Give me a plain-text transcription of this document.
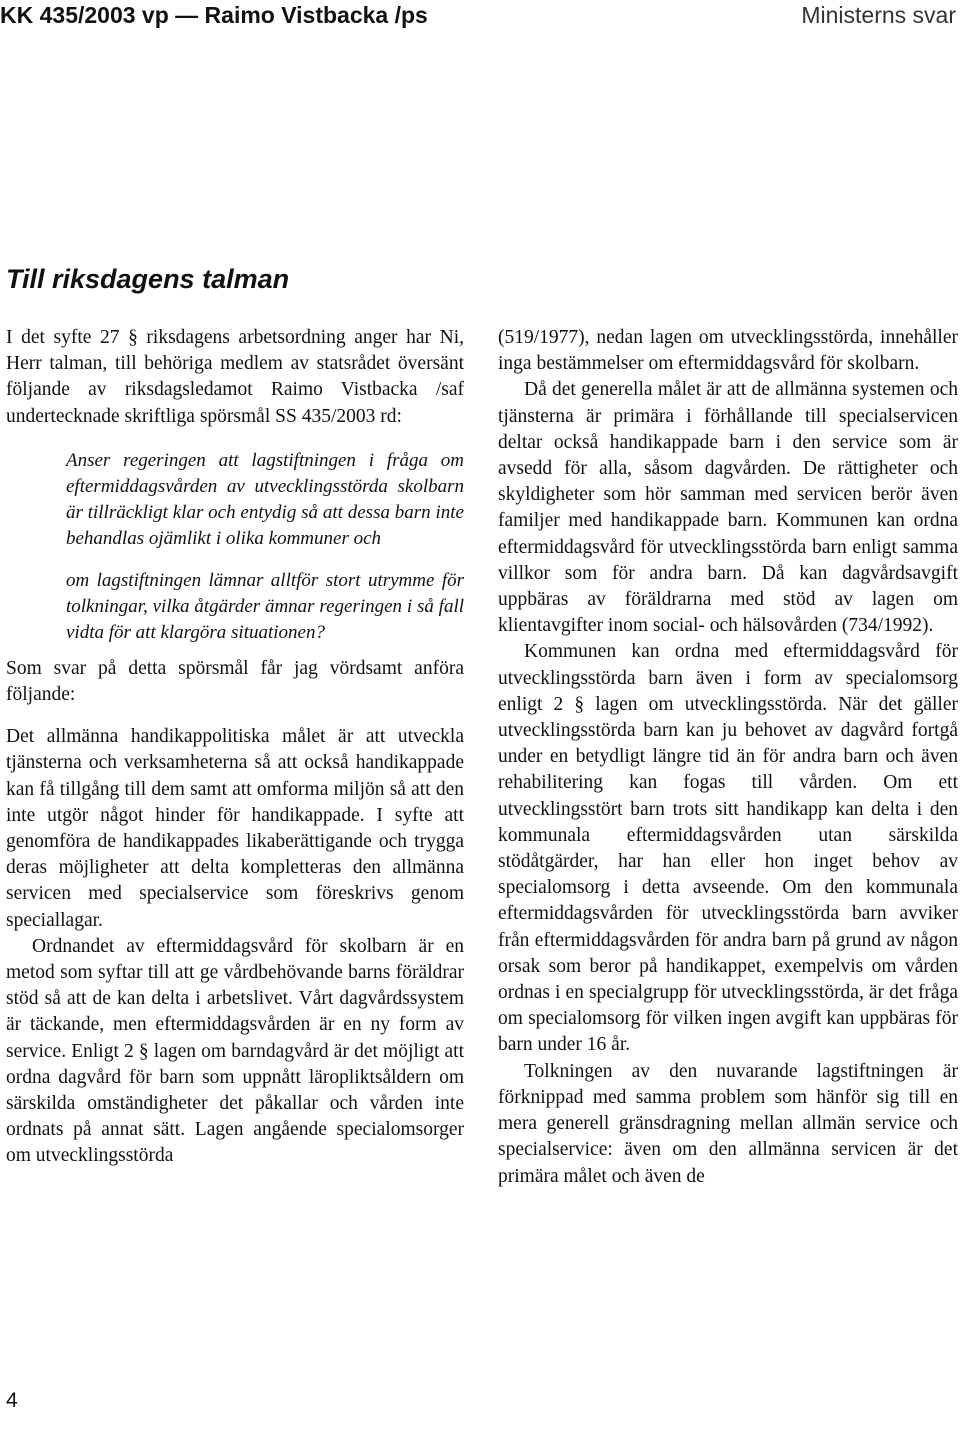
KK 435/2003 vp — Raimo Vistbacka /ps	Ministerns svar
Till riksdagens talman

I det syfte 27 § riksdagens arbetsordning anger har Ni, Herr talman, till behöriga medlem av statsrådet översänt följande av riksdagsledamot Raimo Vistbacka /saf undertecknade skriftliga spörsmål SS 435/2003 rd:

Anser regeringen att lagstiftningen i fråga om eftermiddagsvården av utvecklingsstörda skolbarn är tillräckligt klar och entydig så att dessa barn inte behandlas ojämlikt i olika kommuner och

om lagstiftningen lämnar alltför stort utrymme för tolkningar, vilka åtgärder ämnar regeringen i så fall vidta för att klargöra situationen?

Som svar på detta spörsmål får jag vördsamt anföra följande:

Det allmänna handikappolitiska målet är att utveckla tjänsterna och verksamheterna så att också handikappade kan få tillgång till dem samt att omforma miljön så att den inte utgör något hinder för handikappade. I syfte att genomföra de handikappades likaberättigande och trygga deras möjligheter att delta kompletteras den allmänna servicen med specialservice som föreskrivs genom speciallagar.

Ordnandet av eftermiddagsvård för skolbarn är en metod som syftar till att ge vårdbehövande barns föräldrar stöd så att de kan delta i arbetslivet. Vårt dagvårdssystem är täckande, men eftermiddagsvården är en ny form av service. Enligt 2 § lagen om barndagvård är det möjligt att ordna dagvård för barn som uppnått läropliktsåldern om särskilda omständigheter det påkallar och vården inte ordnats på annat sätt. Lagen angående specialomsorger om utvecklingsstörda

(519/1977), nedan lagen om utvecklingsstörda, innehåller inga bestämmelser om eftermiddagsvård för skolbarn.

Då det generella målet är att de allmänna systemen och tjänsterna är primära i förhållande till specialservicen deltar också handikappade barn i den service som är avsedd för alla, såsom dagvården. De rättigheter och skyldigheter som hör samman med servicen berör även familjer med handikappade barn. Kommunen kan ordna eftermiddagsvård för utvecklingsstörda barn enligt samma villkor som för andra barn. Då kan dagvårdsavgift uppbäras av föräldrarna med stöd av lagen om klientavgifter inom social- och hälsovården (734/1992).

Kommunen kan ordna med eftermiddagsvård för utvecklingsstörda barn även i form av specialomsorg enligt 2 § lagen om utvecklingsstörda. När det gäller utvecklingsstörda barn kan ju behovet av dagvård fortgå under en betydligt längre tid än för andra barn och även rehabilitering kan fogas till vården. Om ett utvecklingsstört barn trots sitt handikapp kan delta i den kommunala eftermiddagsvården utan särskilda stödåtgärder, har han eller hon inget behov av specialomsorg i detta avseende. Om den kommunala eftermiddagsvården för utvecklingsstörda barn avviker från eftermiddagsvården för andra barn på grund av någon orsak som beror på handikappet, exempelvis om vården ordnas i en specialgrupp för utvecklingsstörda, är det fråga om specialomsorg för vilken ingen avgift kan uppbäras för barn under 16 år.

Tolkningen av den nuvarande lagstiftningen är förknippad med samma problem som hänför sig till en mera generell gränsdragning mellan allmän service och specialservice: även om den allmänna servicen är det primära målet och även de

4
